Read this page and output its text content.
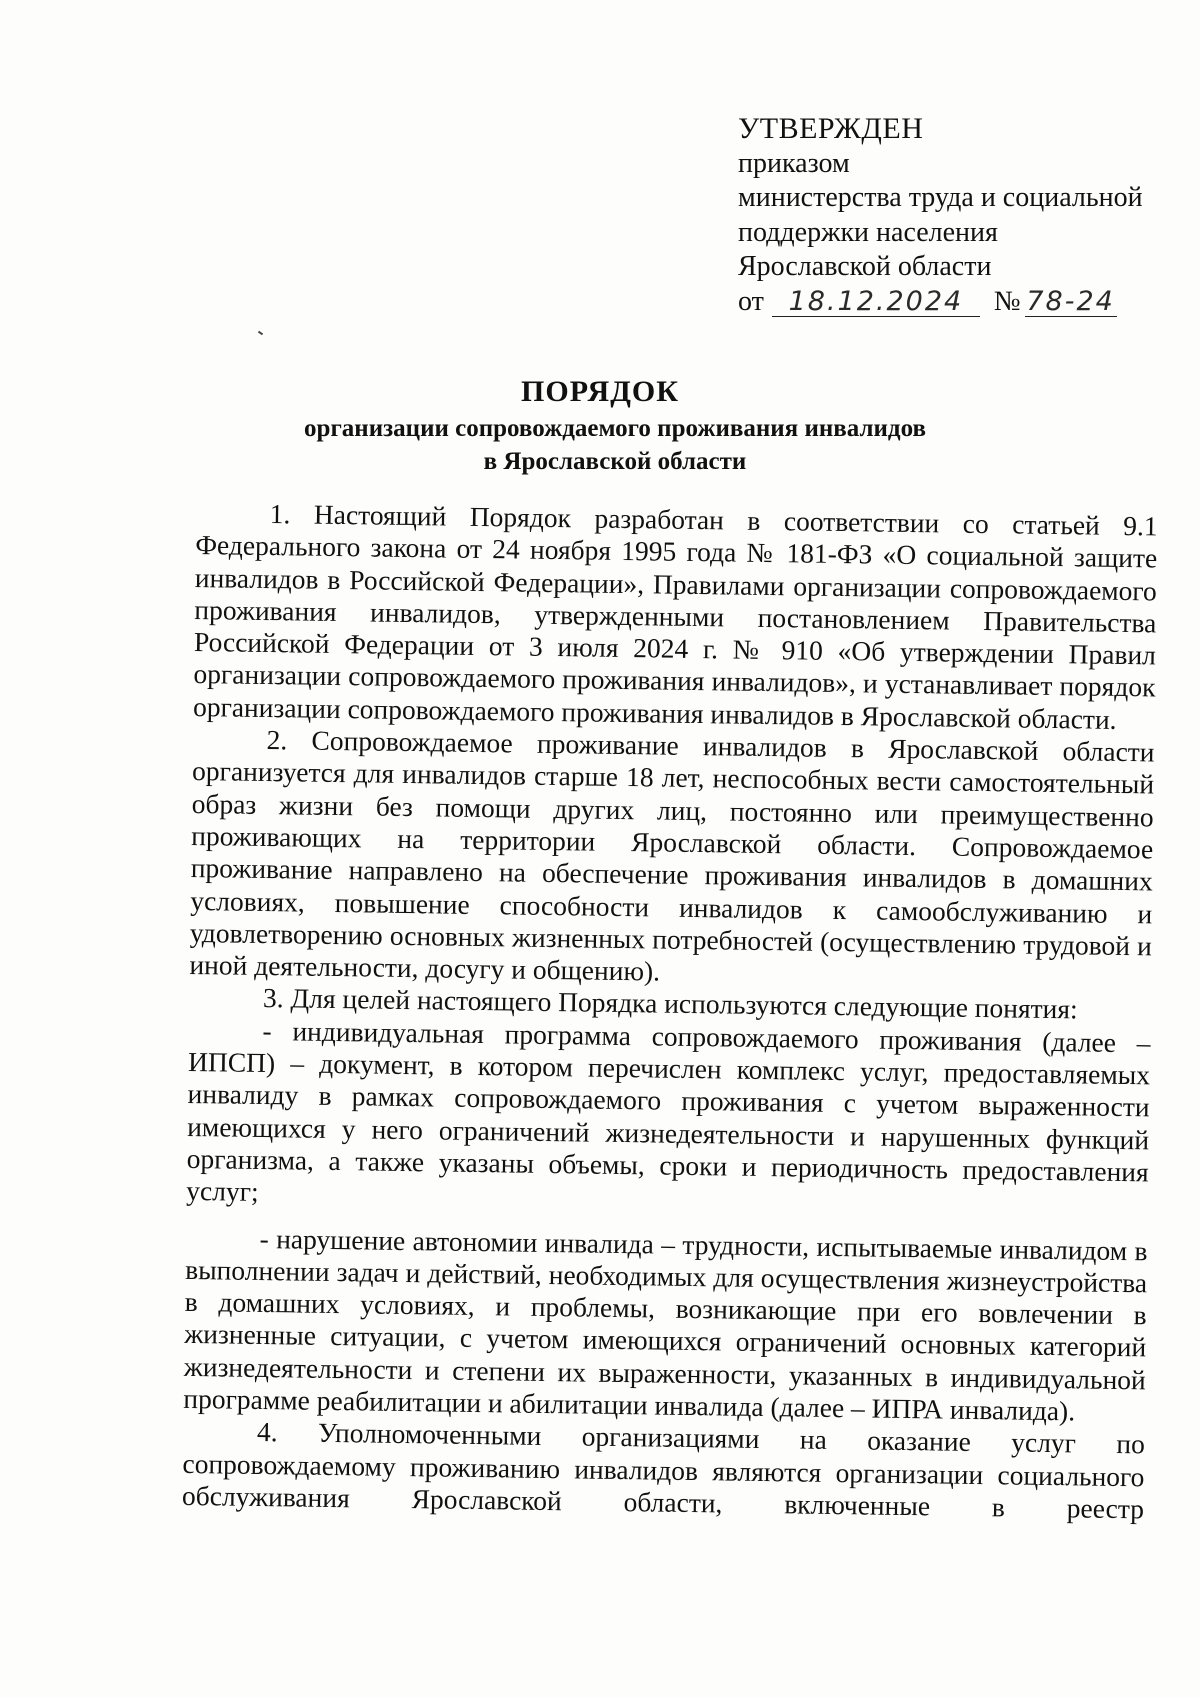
УТВЕРЖДЕН
приказом
министерства труда и социальной
поддержки населения
Ярославской области
от 18.12.2024 № 78-24
ПОРЯДОК
организации сопровождаемого проживания инвалидов
в Ярославской области

1. Настоящий Порядок разработан в соответствии со статьей 9.1 Федерального закона от 24 ноября 1995 года № 181-ФЗ «О социальной защите инвалидов в Российской Федерации», Правилами организации сопровождаемого проживания инвалидов, утвержденными постановлением Правительства Российской Федерации от 3 июля 2024 г. № 910 «Об утверждении Правил организации сопровождаемого проживания инвалидов», и устанавливает порядок организации сопровождаемого проживания инвалидов в Ярославской области.

2. Сопровождаемое проживание инвалидов в Ярославской области организуется для инвалидов старше 18 лет, неспособных вести самостоятельный образ жизни без помощи других лиц, постоянно или преимущественно проживающих на территории Ярославской области. Сопровождаемое проживание направлено на обеспечение проживания инвалидов в домашних условиях, повышение способности инвалидов к самообслуживанию и удовлетворению основных жизненных потребностей (осуществлению трудовой и иной деятельности, досугу и общению).

3. Для целей настоящего Порядка используются следующие понятия:

- индивидуальная программа сопровождаемого проживания (далее – ИПСП) – документ, в котором перечислен комплекс услуг, предоставляемых инвалиду в рамках сопровождаемого проживания с учетом выраженности имеющихся у него ограничений жизнедеятельности и нарушенных функций организма, а также указаны объемы, сроки и периодичность предоставления услуг;

- нарушение автономии инвалида – трудности, испытываемые инвалидом в выполнении задач и действий, необходимых для осуществления жизнеустройства в домашних условиях, и проблемы, возникающие при его вовлечении в жизненные ситуации, с учетом имеющихся ограничений основных категорий жизнедеятельности и степени их выраженности, указанных в индивидуальной программе реабилитации и абилитации инвалида (далее – ИПРА инвалида).

4. Уполномоченными организациями на оказание услуг по сопровождаемому проживанию инвалидов являются организации социального обслуживания Ярославской области, включенные в реестр
